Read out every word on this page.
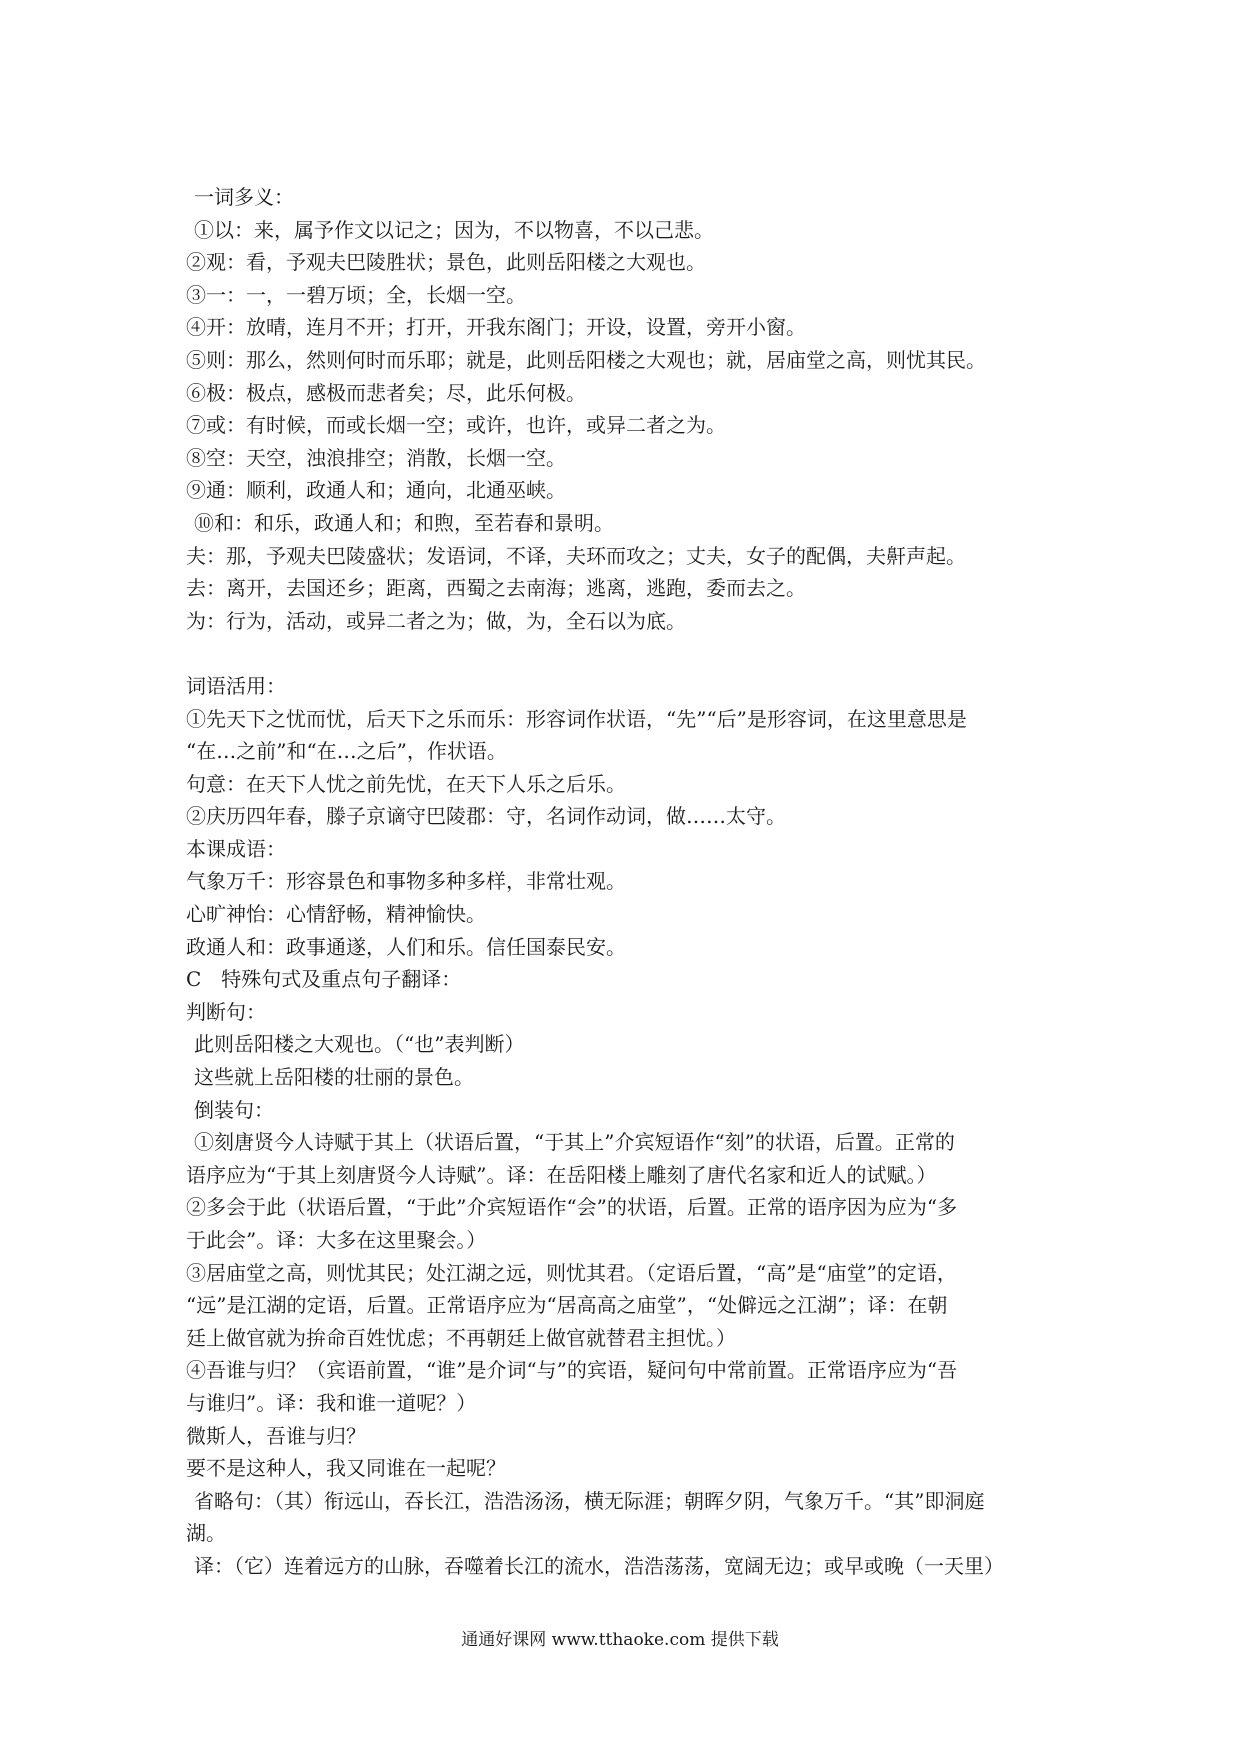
一词多义：
①以：来，属予作文以记之；因为，不以物喜，不以己悲。
②观：看，予观夫巴陵胜状；景色，此则岳阳楼之大观也。
③一：一，一碧万顷；全，长烟一空。
④开：放晴，连月不开；打开，开我东阁门；开设，设置，旁开小窗。
⑤则：那么，然则何时而乐耶；就是，此则岳阳楼之大观也；就，居庙堂之高，则忧其民。
⑥极：极点，感极而悲者矣；尽，此乐何极。
⑦或：有时候，而或长烟一空；或许，也许，或异二者之为。
⑧空：天空，浊浪排空；消散，长烟一空。
⑨通：顺利，政通人和；通向，北通巫峡。
⑩和：和乐，政通人和；和煦，至若春和景明。
夫：那，予观夫巴陵盛状；发语词，不译，夫环而攻之；丈夫，女子的配偶，夫鼾声起。
去：离开，去国还乡；距离，西蜀之去南海；逃离，逃跑，委而去之。
为：行为，活动，或异二者之为；做，为，全石以为底。
词语活用：
①先天下之忧而忧，后天下之乐而乐：形容词作状语，“先”“后”是形容词，在这里意思是
“在…之前”和“在…之后”，作状语。
句意：在天下人忧之前先忧，在天下人乐之后乐。
②庆历四年春，滕子京谪守巴陵郡：守，名词作动词，做……太守。
本课成语：
气象万千：形容景色和事物多种多样，非常壮观。
心旷神怡：心情舒畅，精神愉快。
政通人和：政事通遂，人们和乐。信任国泰民安。
C　特殊句式及重点句子翻译：
判断句：
此则岳阳楼之大观也。（“也”表判断）
这些就上岳阳楼的壮丽的景色。
倒装句：
①刻唐贤今人诗赋于其上（状语后置，“于其上”介宾短语作“刻”的状语，后置。正常的
语序应为“于其上刻唐贤今人诗赋”。译：在岳阳楼上雕刻了唐代名家和近人的试赋。）
②多会于此（状语后置，“于此”介宾短语作“会”的状语，后置。正常的语序因为应为“多
于此会”。译：大多在这里聚会。）
③居庙堂之高，则忧其民；处江湖之远，则忧其君。（定语后置，“高”是“庙堂”的定语，
“远”是江湖的定语，后置。正常语序应为“居高高之庙堂”，“处僻远之江湖”；译：在朝
廷上做官就为拚命百姓忧虑；不再朝廷上做官就替君主担忧。）
④吾谁与归？（宾语前置，“谁”是介词“与”的宾语，疑问句中常前置。正常语序应为“吾
与谁归”。译：我和谁一道呢？）
微斯人，吾谁与归？
要不是这种人，我又同谁在一起呢？
省略句：（其）衔远山，吞长江，浩浩汤汤，横无际涯；朝晖夕阴，气象万千。“其”即洞庭
湖。
译：（它）连着远方的山脉，吞噬着长江的流水，浩浩荡荡，宽阔无边；或早或晚（一天里）
通通好课网 www.tthaoke.com 提供下载
